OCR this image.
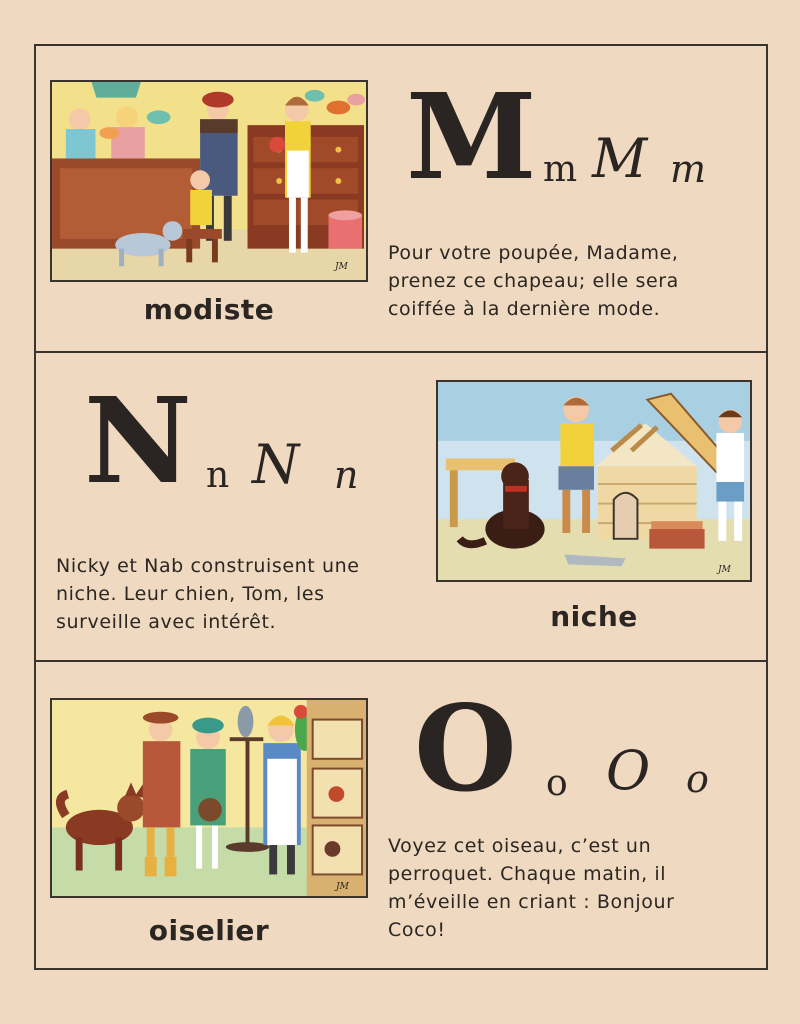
JM
modiste
M m M m
Pour votre poupée, Madame,
prenez ce chapeau; elle sera
coiffée à la dernière mode.
N n N n
Nicky et Nab construisent une
niche. Leur chien, Tom, les
surveille avec intérêt.
JM
niche
JM
oiselier
O o O o
Voyez cet oiseau, c’est un
perroquet. Chaque matin, il
m’éveille en criant : Bonjour
Coco!
